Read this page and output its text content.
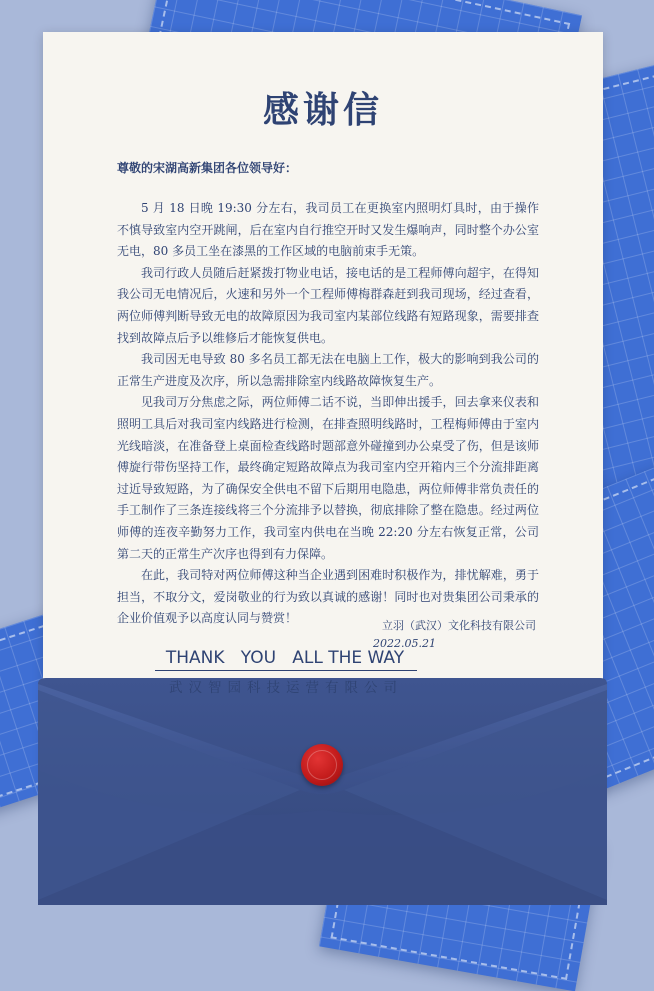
感谢信
尊敬的宋湖高新集团各位领导好：

5 月 18 日晚 19:30 分左右，我司员工在更换室内照明灯具时，由于操作不慎导致室内空开跳闸，后在室内自行推空开时又发生爆响声，同时整个办公室无电，80 多员工坐在漆黑的工作区域的电脑前束手无策。

我司行政人员随后赶紧拨打物业电话，接电话的是工程师傅向超宇，在得知我公司无电情况后，火速和另外一个工程师傅梅群森赶到我司现场，经过查看，两位师傅判断导致无电的故障原因为我司室内某部位线路有短路现象，需要排查找到故障点后予以维修后才能恢复供电。

我司因无电导致 80 多名员工都无法在电脑上工作，极大的影响到我公司的正常生产进度及次序，所以急需排除室内线路故障恢复生产。

见我司万分焦虑之际，两位师傅二话不说，当即伸出援手，回去拿来仪表和照明工具后对我司室内线路进行检测，在排查照明线路时，工程梅师傅由于室内光线暗淡，在准备登上桌面检查线路时题部意外碰撞到办公桌受了伤，但是该师傅旋行带伤坚持工作，最终确定短路故障点为我司室内空开箱内三个分流排距离过近导致短路，为了确保安全供电不留下后期用电隐患，两位师傅非常负责任的手工制作了三条连接线将三个分流排予以替换，彻底排除了整在隐患。经过两位师傅的连夜辛勤努力工作，我司室内供电在当晚 22:20 分左右恢复正常，公司第二天的正常生产次序也得到有力保障。

在此，我司特对两位师傅这种当企业遇到困难时积极作为，排忧解难，勇于担当，不取分文，爱岗敬业的行为致以真诚的感谢！同时也对贵集团公司秉承的企业价值观予以高度认同与赞赏！

立羽（武汉）文化科技有限公司
2022.05.21
THANK   YOU   ALL THE WAY
武汉智园科技运营有限公司
